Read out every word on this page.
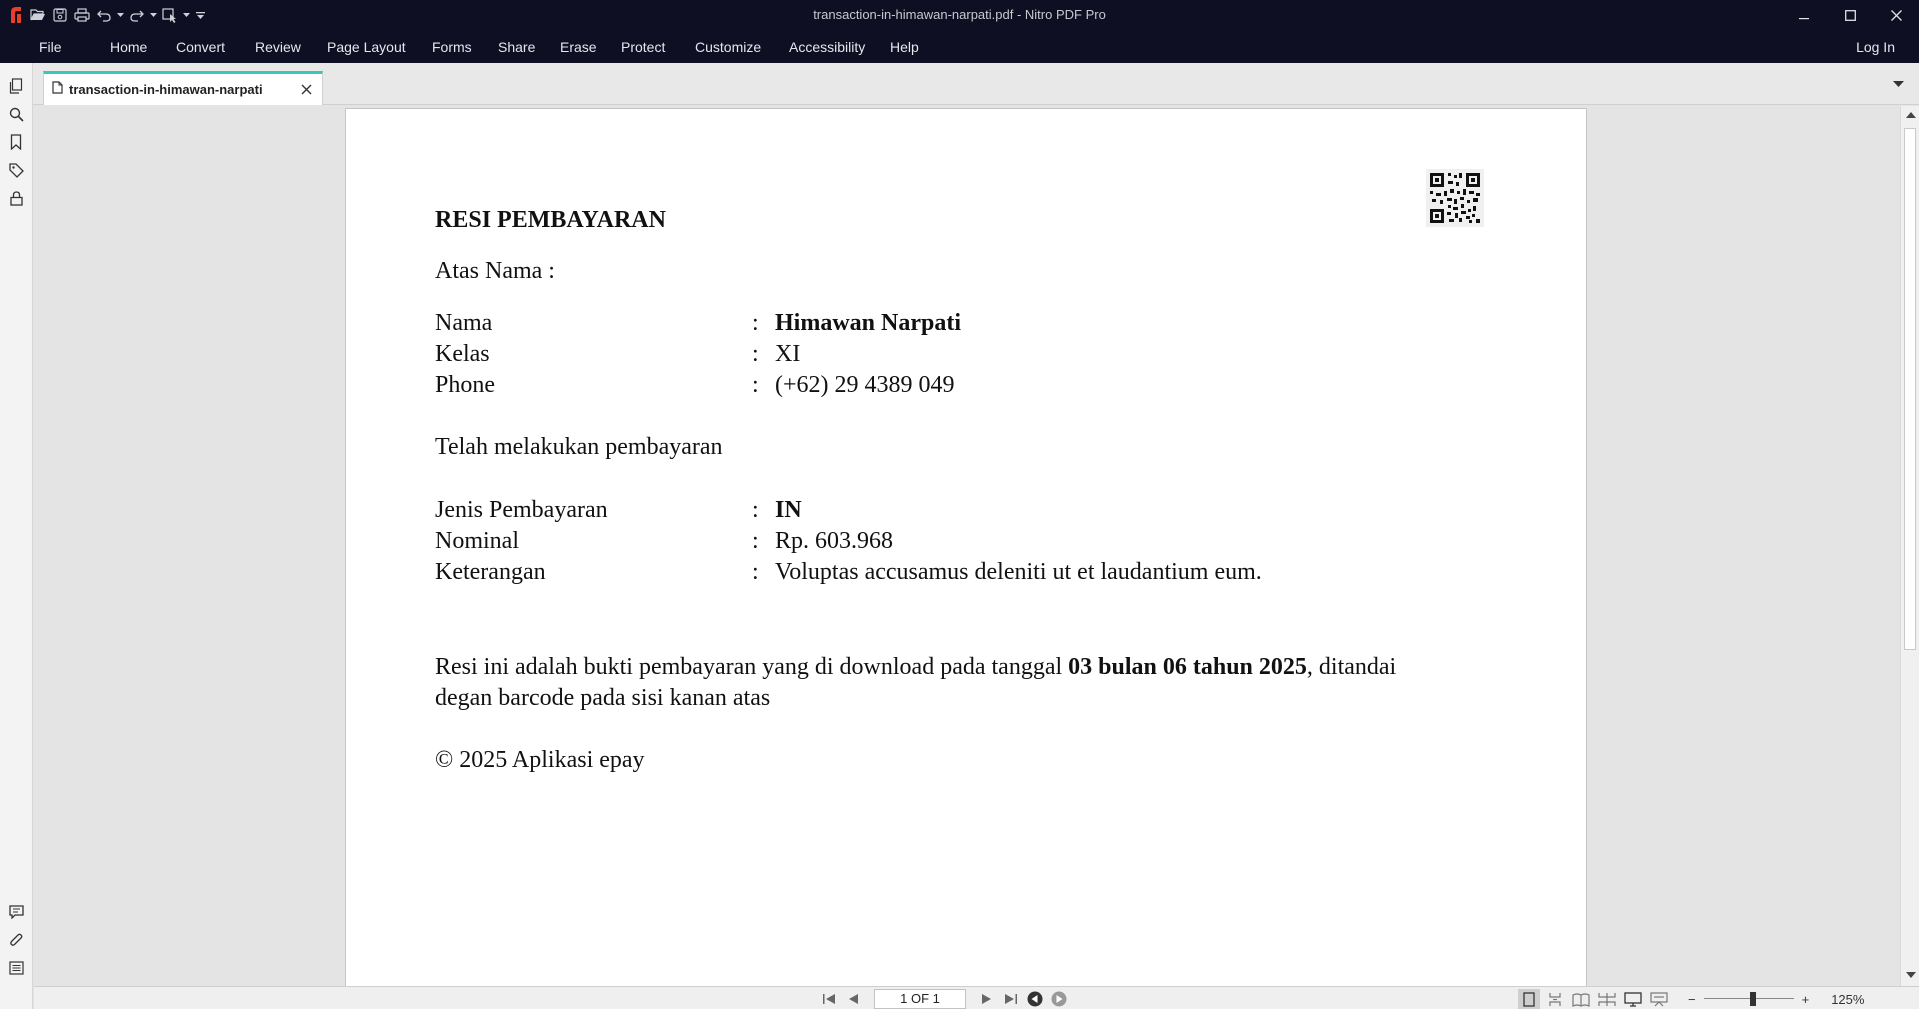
transaction-in-himawan-narpati.pdf - Nitro PDF Pro
File	Home Convert Review Page Layout Forms Share Erase Protect Customize Accessibility Help	Log In
transaction-in-himawan-narpati
RESI PEMBAYARAN
Atas Nama :
Nama	: Himawan Narpati
Kelas	: XI
Phone	: (+62) 29 4389 049
Telah melakukan pembayaran
Jenis Pembayaran	: IN
Nominal	: Rp. 603.968
Keterangan	: Voluptas accusamus deleniti ut et laudantium eum.
Resi ini adalah bukti pembayaran yang di download pada tanggal 03 bulan 06 tahun 2025, ditandai
degan barcode pada sisi kanan atas
© 2025 Aplikasi epay
1 OF 1	−	+ 125%
